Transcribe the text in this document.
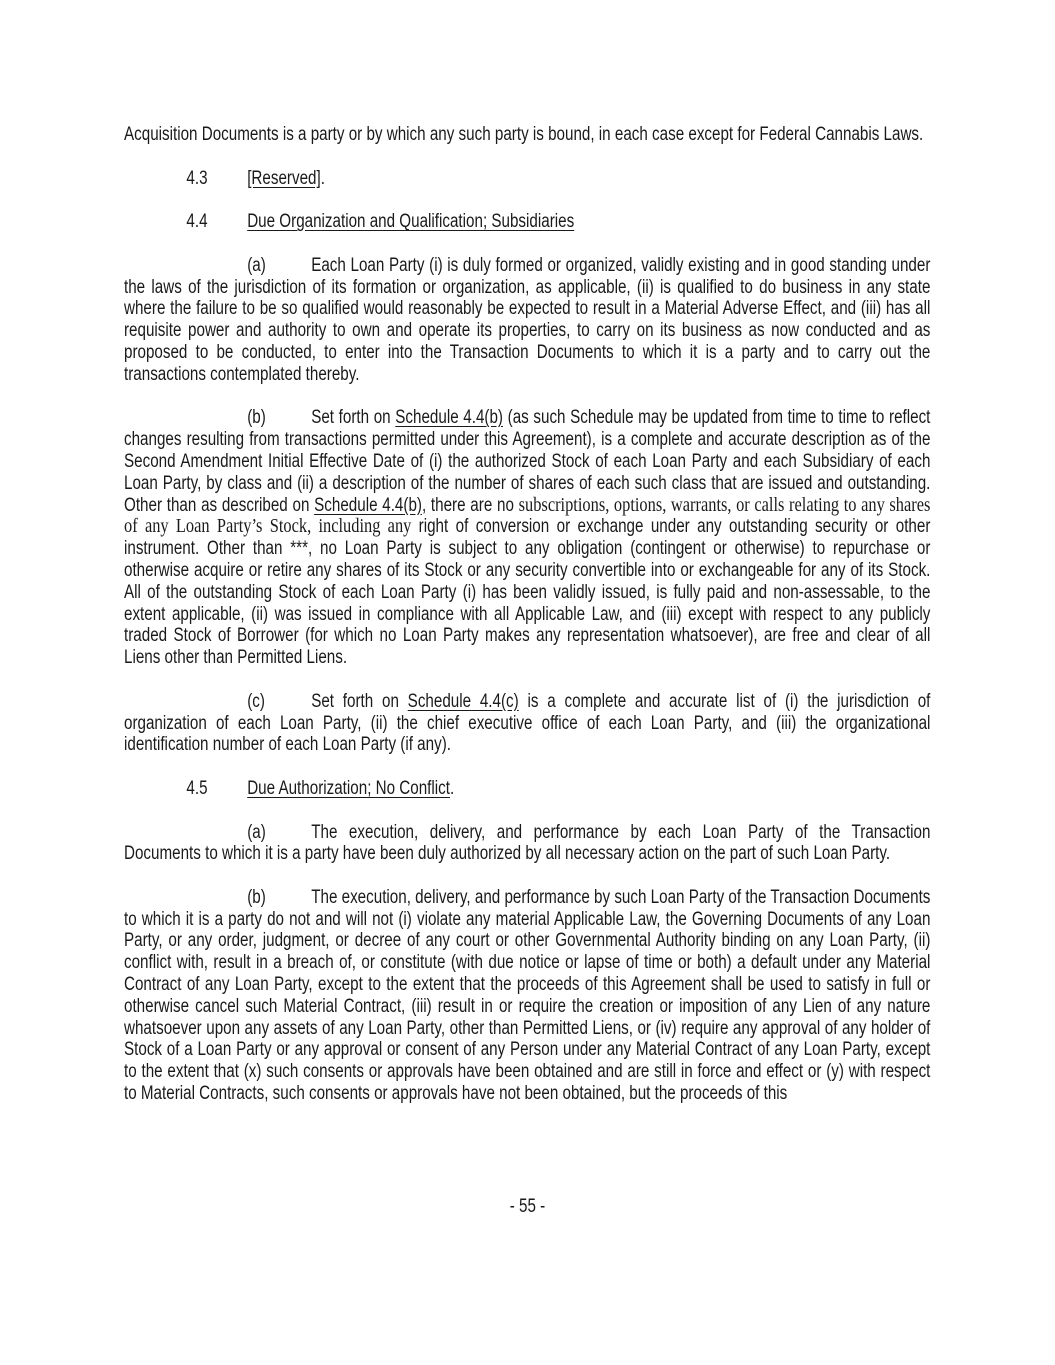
Acquisition Documents is a party or by which any such party is bound, in each case except for Federal Cannabis Laws.

4.3 [Reserved].

4.4 Due Organization and Qualification; Subsidiaries

(a) Each Loan Party (i) is duly formed or organized, validly existing and in good standing under the laws of the jurisdiction of its formation or organization, as applicable, (ii) is qualified to do business in any state where the failure to be so qualified would reasonably be expected to result in a Material Adverse Effect, and (iii) has all requisite power and authority to own and operate its properties, to carry on its business as now conducted and as proposed to be conducted, to enter into the Transaction Documents to which it is a party and to carry out the transactions contemplated thereby.

(b) Set forth on Schedule 4.4(b) (as such Schedule may be updated from time to time to reflect changes resulting from transactions permitted under this Agreement), is a complete and accurate description as of the Second Amendment Initial Effective Date of (i) the authorized Stock of each Loan Party and each Subsidiary of each Loan Party, by class and (ii) a description of the number of shares of each such class that are issued and outstanding. Other than as described on Schedule 4.4(b), there are no subscriptions, options, warrants, or calls relating to any shares of any Loan Party’s Stock, including any right of conversion or exchange under any outstanding security or other instrument. Other than ***, no Loan Party is subject to any obligation (contingent or otherwise) to repurchase or otherwise acquire or retire any shares of its Stock or any security convertible into or exchangeable for any of its Stock. All of the outstanding Stock of each Loan Party (i) has been validly issued, is fully paid and non-assessable, to the extent applicable, (ii) was issued in compliance with all Applicable Law, and (iii) except with respect to any publicly traded Stock of Borrower (for which no Loan Party makes any representation whatsoever), are free and clear of all Liens other than Permitted Liens.

(c) Set forth on Schedule 4.4(c) is a complete and accurate list of (i) the jurisdiction of organization of each Loan Party, (ii) the chief executive office of each Loan Party, and (iii) the organizational identification number of each Loan Party (if any).

4.5 Due Authorization; No Conflict.

(a) The execution, delivery, and performance by each Loan Party of the Transaction Documents to which it is a party have been duly authorized by all necessary action on the part of such Loan Party.

(b) The execution, delivery, and performance by such Loan Party of the Transaction Documents to which it is a party do not and will not (i) violate any material Applicable Law, the Governing Documents of any Loan Party, or any order, judgment, or decree of any court or other Governmental Authority binding on any Loan Party, (ii) conflict with, result in a breach of, or constitute (with due notice or lapse of time or both) a default under any Material Contract of any Loan Party, except to the extent that the proceeds of this Agreement shall be used to satisfy in full or otherwise cancel such Material Contract, (iii) result in or require the creation or imposition of any Lien of any nature whatsoever upon any assets of any Loan Party, other than Permitted Liens, or (iv) require any approval of any holder of Stock of a Loan Party or any approval or consent of any Person under any Material Contract of any Loan Party, except to the extent that (x) such consents or approvals have been obtained and are still in force and effect or (y) with respect to Material Contracts, such consents or approvals have not been obtained, but the proceeds of this

- 55 -
